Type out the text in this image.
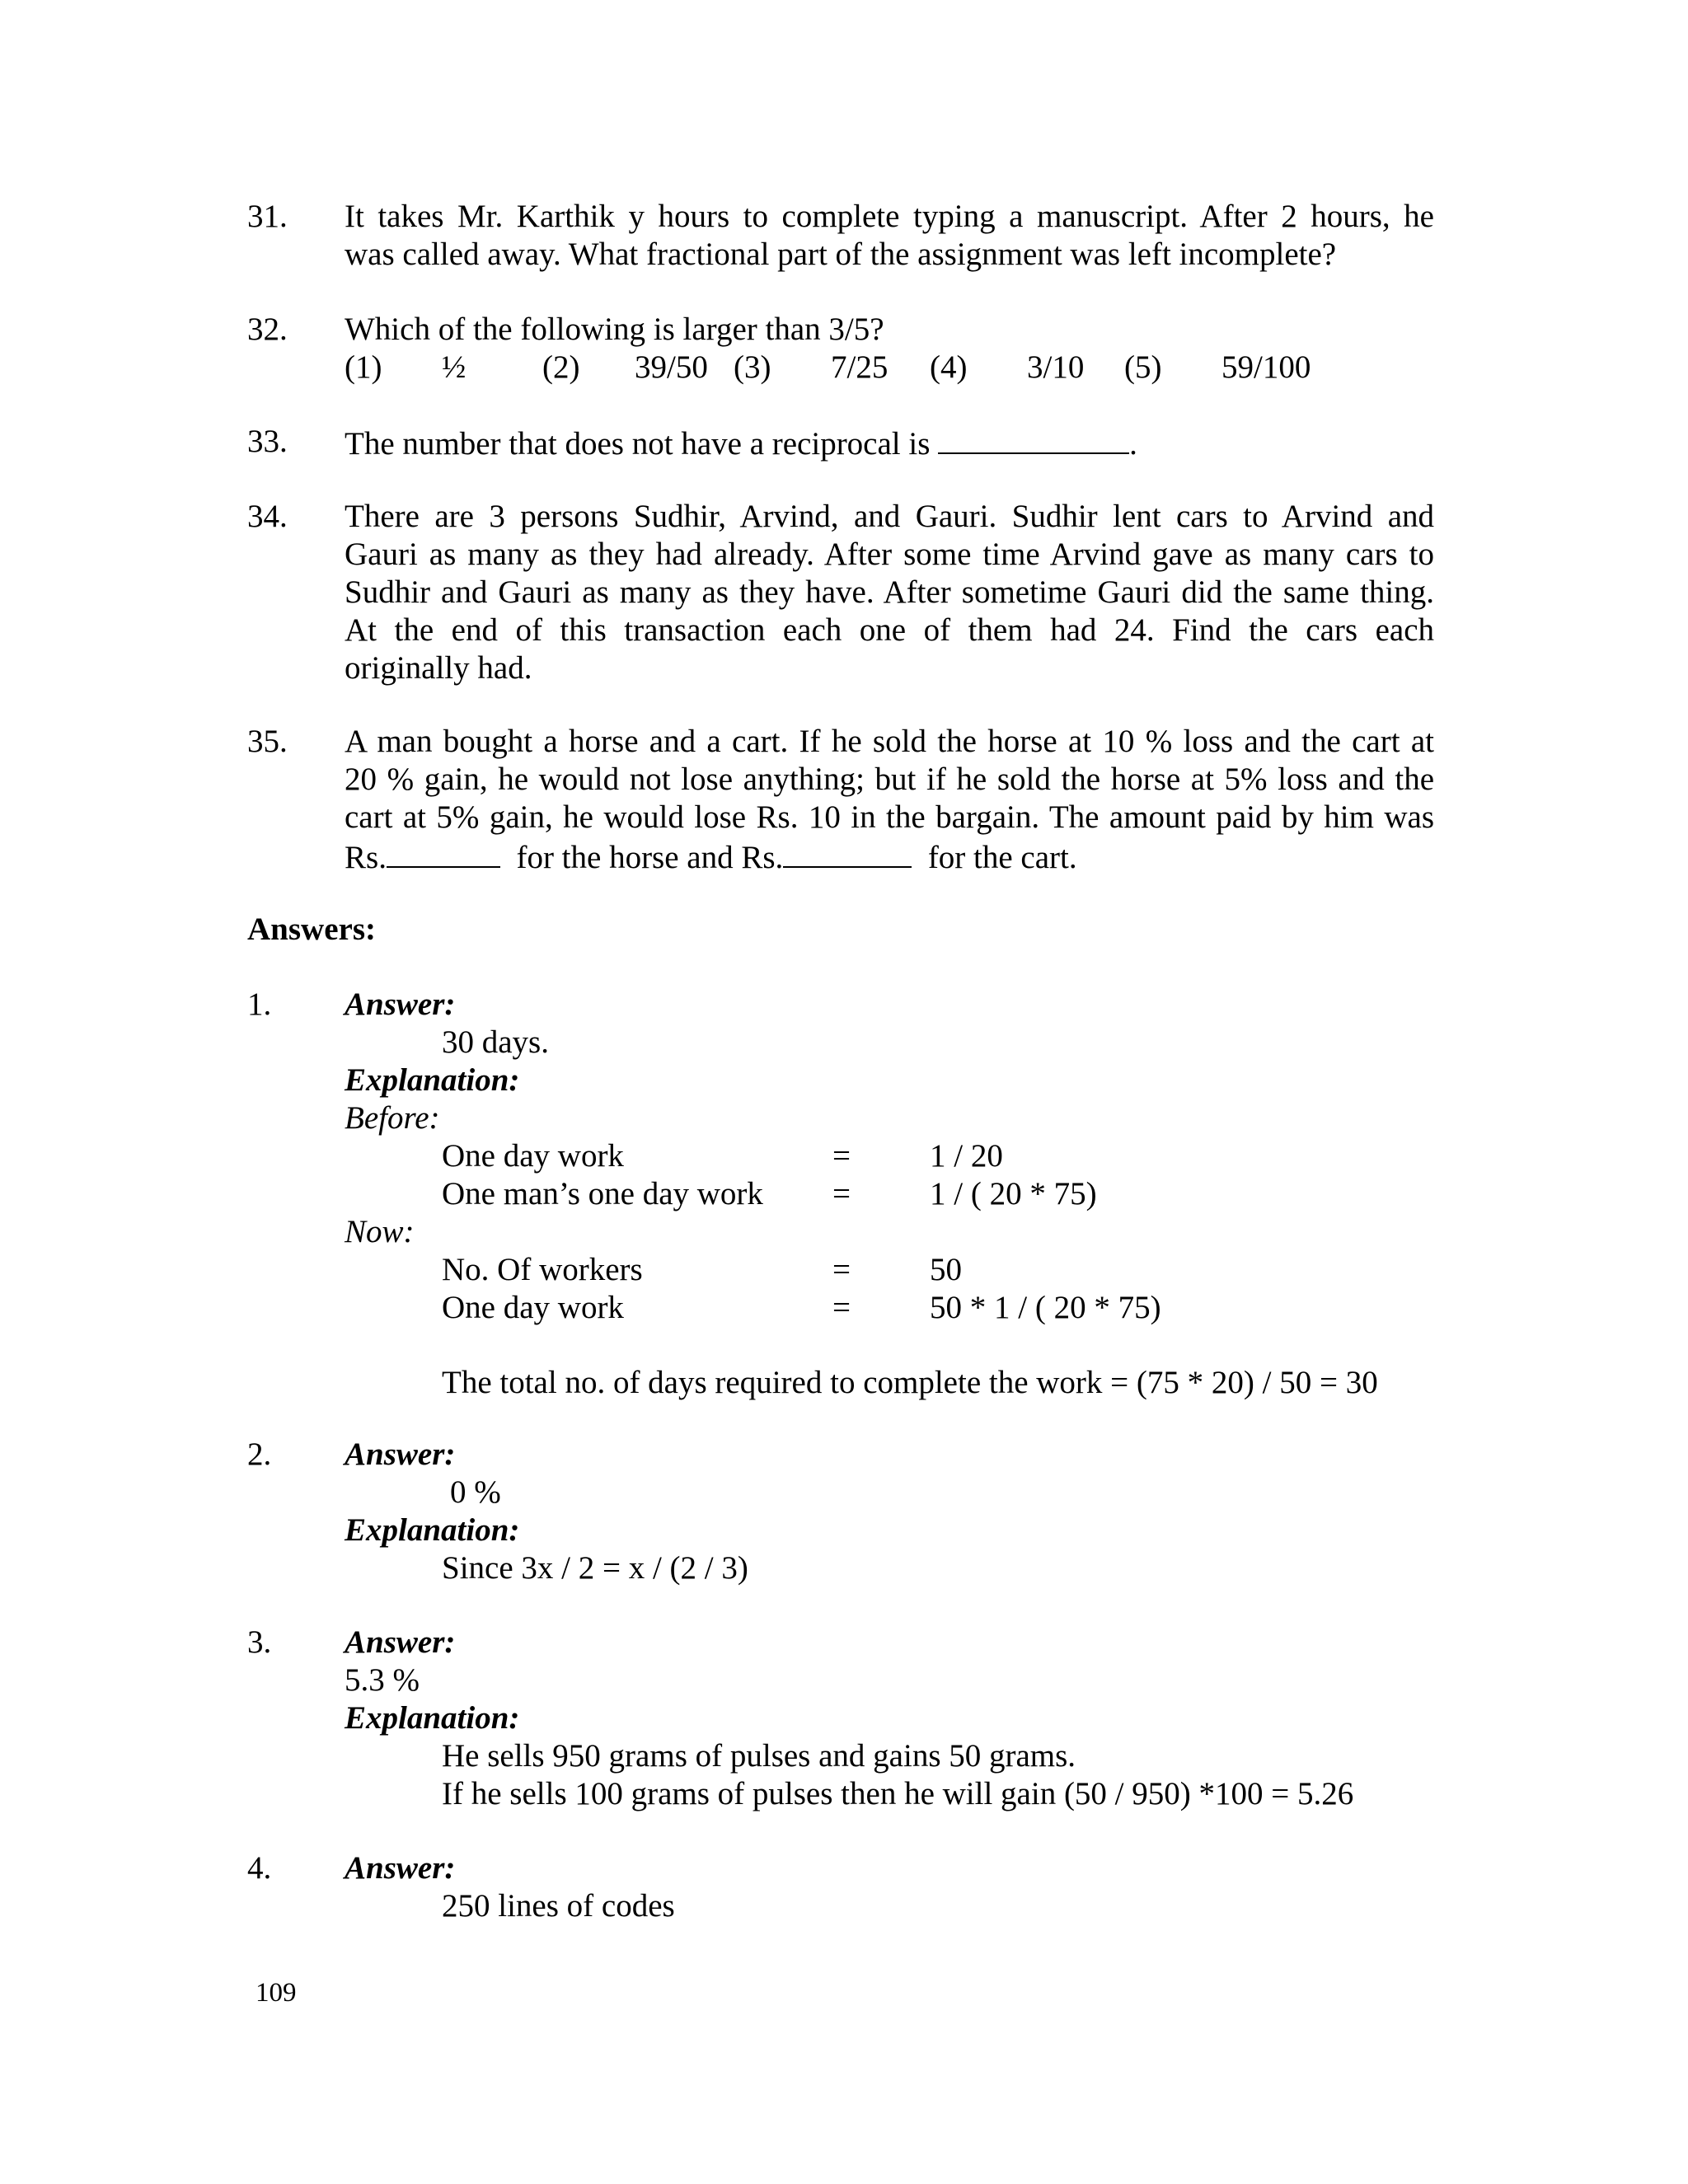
31. It takes Mr. Karthik y hours to complete typing a manuscript. After 2 hours, he
was called away. What fractional part of the assignment was left incomplete?
32. Which of the following is larger than 3/5?
(1) ½ (2) 39/50 (3) 7/25 (4) 3/10 (5) 59/100
33. The number that does not have a reciprocal is	.
34. There are 3 persons Sudhir, Arvind, and Gauri. Sudhir lent cars to Arvind and
Gauri as many as they had already. After some time Arvind gave as many cars to
Sudhir and Gauri as many as they have. After sometime Gauri did the same thing.
At the end of this transaction each one of them had 24. Find the cars each
originally had.
35. A man bought a horse and a cart. If he sold the horse at 10 % loss and the cart at
20 % gain, he would not lose anything; but if he sold the horse at 5% loss and the
cart at 5% gain, he would lose Rs. 10 in the bargain. The amount paid by him was
Rs.	for the horse and Rs.	for the cart.
Answers:
1. Answer:
30 days.
Explanation:
Before:
One day work	= 1 / 20
One man’s one day work = 1 / ( 20 * 75)
Now:
No. Of workers	= 50
One day work	= 50 * 1 / ( 20 * 75)
The total no. of days required to complete the work = (75 * 20) / 50 = 30
2. Answer:
0 %
Explanation:
Since 3x / 2 = x / (2 / 3)
3. Answer:
5.3 %
Explanation:
He sells 950 grams of pulses and gains 50 grams.
If he sells 100 grams of pulses then he will gain (50 / 950) *100 = 5.26
4. Answer:
250 lines of codes
109
